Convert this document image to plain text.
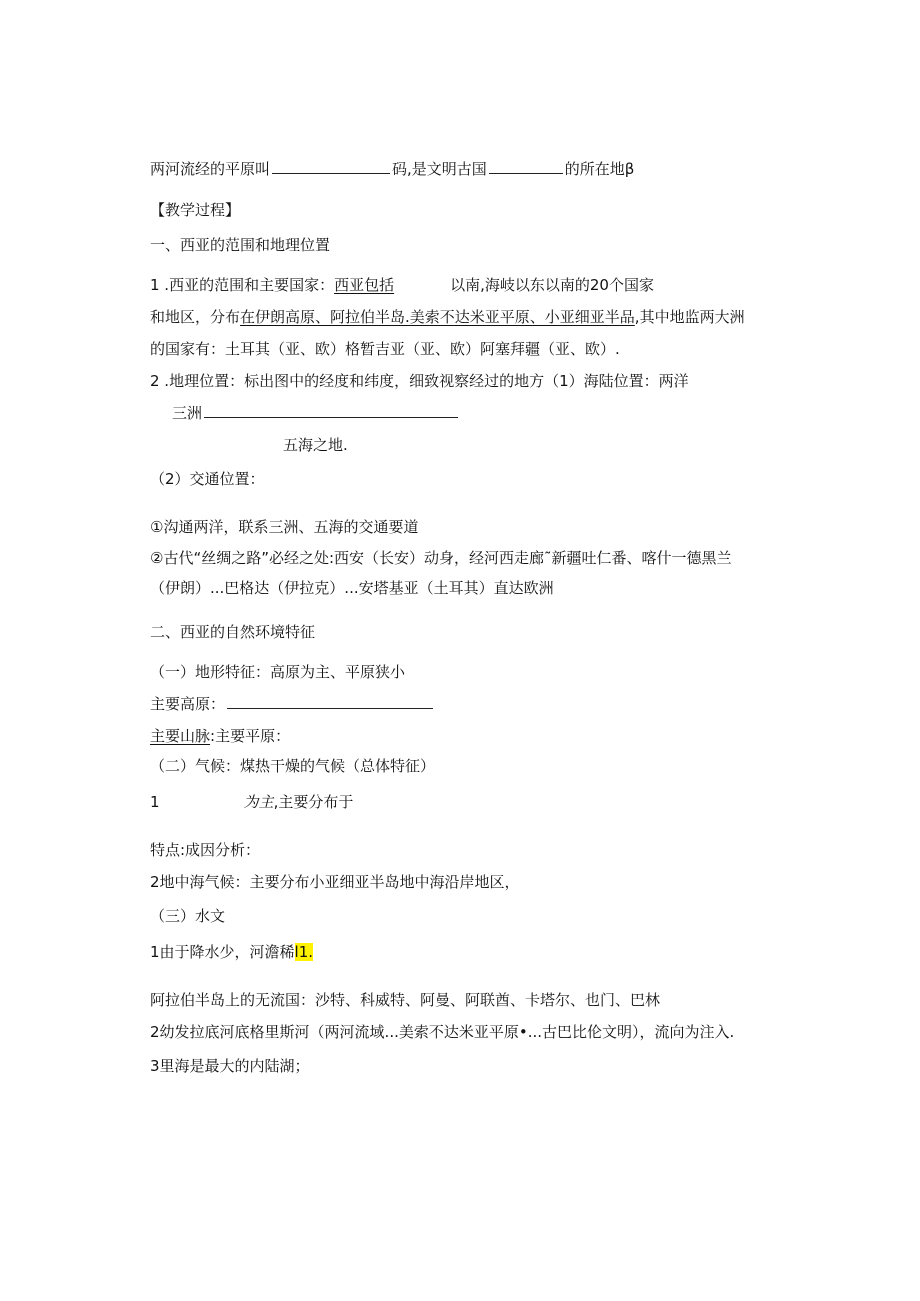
两河流经的平原叫	码,是文明古国	的所在地β
【教学过程】
一、西亚的范围和地理位置
1 .西亚的范围和主要国家：西亚包括	以南,海岐以东以南的20个国家
和地区，分布在伊朗高原、阿拉伯半岛.美索不达米亚平原、小亚细亚半品,其中地监两大洲
的国家有：土耳其（亚、欧）格暂吉亚（亚、欧）阿塞拜疆（亚、欧）.
2 .地理位置：标出图中的经度和纬度，细致视察经过的地方（1）海陆位置：两洋
三洲
五海之地.
（2）交通位置：
①沟通两洋，联系三洲、五海的交通要道
②古代“丝绸之路”必经之处:西安（长安）动身，经河西走廊˜新疆吐仁番、喀什一德黑兰
（伊朗）...巴格达（伊拉克）...安塔基亚（土耳其）直达欧洲
二、西亚的自然环境特征
（一）地形特征：高原为主、平原狭小
主要高原：
主要山脉:主要平原：
（二）气候：煤热干燥的气候（总体特征）
1	为主,主要分布于
特点:成因分析：
2地中海气候：主要分布小亚细亚半岛地中海沿岸地区，
（三）水文
1由于降水少，河澹稀l1.
阿拉伯半岛上的无流国：沙特、科威特、阿曼、阿联酋、卡塔尔、也门、巴林
2幼发拉底河底格里斯河（两河流域...美索不达米亚平原•...古巴比伦文明），流向为注入.
3里海是最大的内陆湖；
